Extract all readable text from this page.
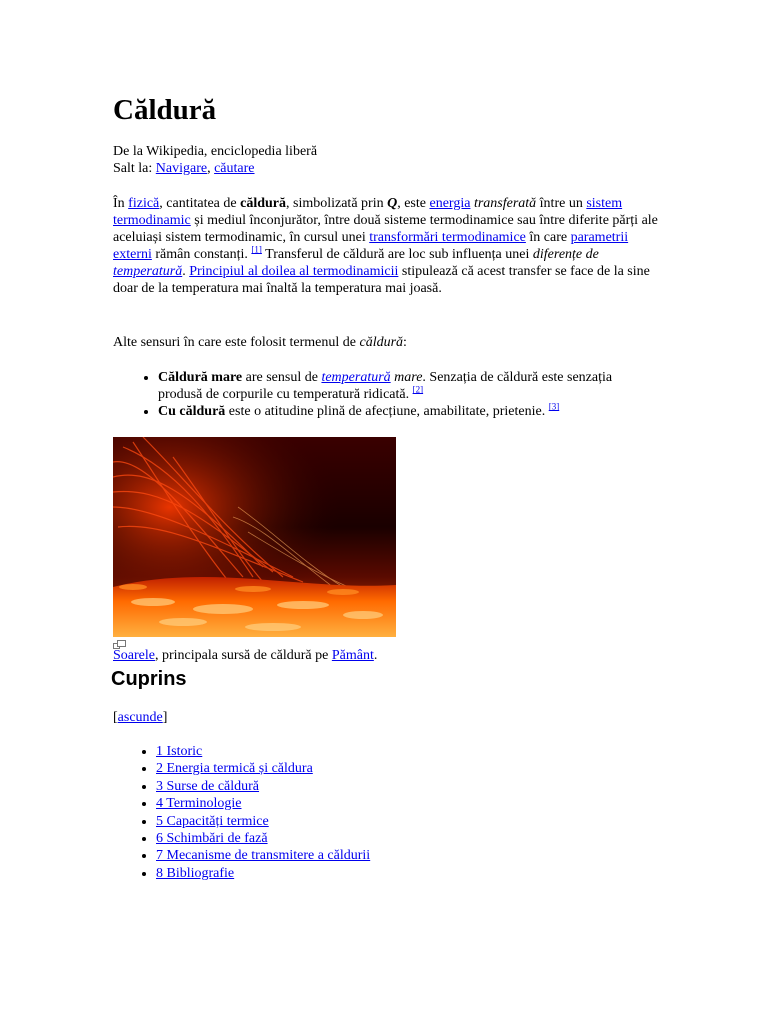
Căldură
De la Wikipedia, enciclopedia liberă
Salt la: Navigare, căutare
În fizică, cantitatea de căldură, simbolizată prin Q, este energia transferată între un sistem termodinamic și mediul înconjurător, între două sisteme termodinamice sau între diferite părți ale aceluiași sistem termodinamic, în cursul unei transformări termodinamice în care parametrii externi rămân constanți. [1] Transferul de căldură are loc sub influența unei diferențe de temperatură. Principiul al doilea al termodinamicii stipulează că acest transfer se face de la sine doar de la temperatura mai înaltă la temperatura mai joasă.
Alte sensuri în care este folosit termenul de căldură:
• Căldură mare are sensul de temperatură mare. Senzația de căldură este senzația produsă de corpurile cu temperatură ridicată. [2]
• Cu căldură este o atitudine plină de afecțiune, amabilitate, prietenie. [3]
Soarele, principala sursă de căldură pe Pământ.
Cuprins
[ascunde]
• 1 Istoric
• 2 Energia termică și căldura
• 3 Surse de căldură
• 4 Terminologie
• 5 Capacități termice
• 6 Schimbări de fază
• 7 Mecanisme de transmitere a căldurii
• 8 Bibliografie
